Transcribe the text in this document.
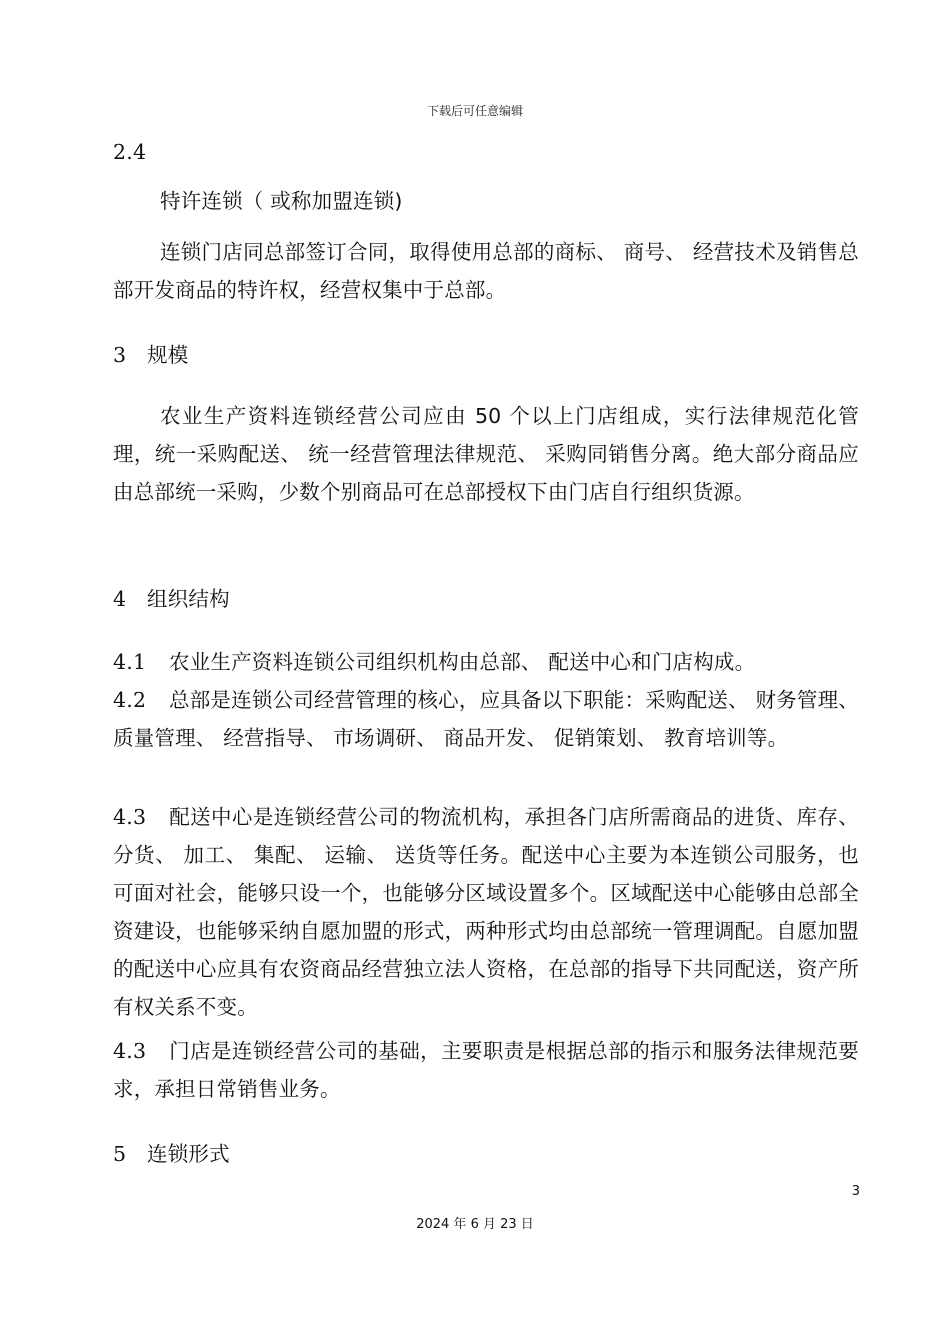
下载后可任意编辑
2.4
特许连锁（ 或称加盟连锁)

连锁门店同总部签订合同，取得使用总部的商标、 商号、 经营技术及销售总部开发商品的特许权，经营权集中于总部。

3 规模

农业生产资料连锁经营公司应由 50 个以上门店组成，实行法律规范化管理，统一采购配送、 统一经营管理法律规范、 采购同销售分离。绝大部分商品应由总部统一采购，少数个别商品可在总部授权下由门店自行组织货源。

4 组织结构

4.1 农业生产资料连锁公司组织机构由总部、 配送中心和门店构成。

4.2 总部是连锁公司经营管理的核心，应具备以下职能：采购配送、 财务管理、 质量管理、 经营指导、 市场调研、 商品开发、 促销策划、 教育培训等。

4.3 配送中心是连锁经营公司的物流机构，承担各门店所需商品的进货、库存、 分货、 加工、 集配、 运输、 送货等任务。配送中心主要为本连锁公司服务，也可面对社会，能够只设一个，也能够分区域设置多个。区域配送中心能够由总部全资建设，也能够采纳自愿加盟的形式，两种形式均由总部统一管理调配。自愿加盟的配送中心应具有农资商品经营独立法人资格，在总部的指导下共同配送，资产所有权关系不变。

4.3 门店是连锁经营公司的基础，主要职责是根据总部的指示和服务法律规范要求，承担日常销售业务。

5 连锁形式
3
2024 年 6 月 23 日
